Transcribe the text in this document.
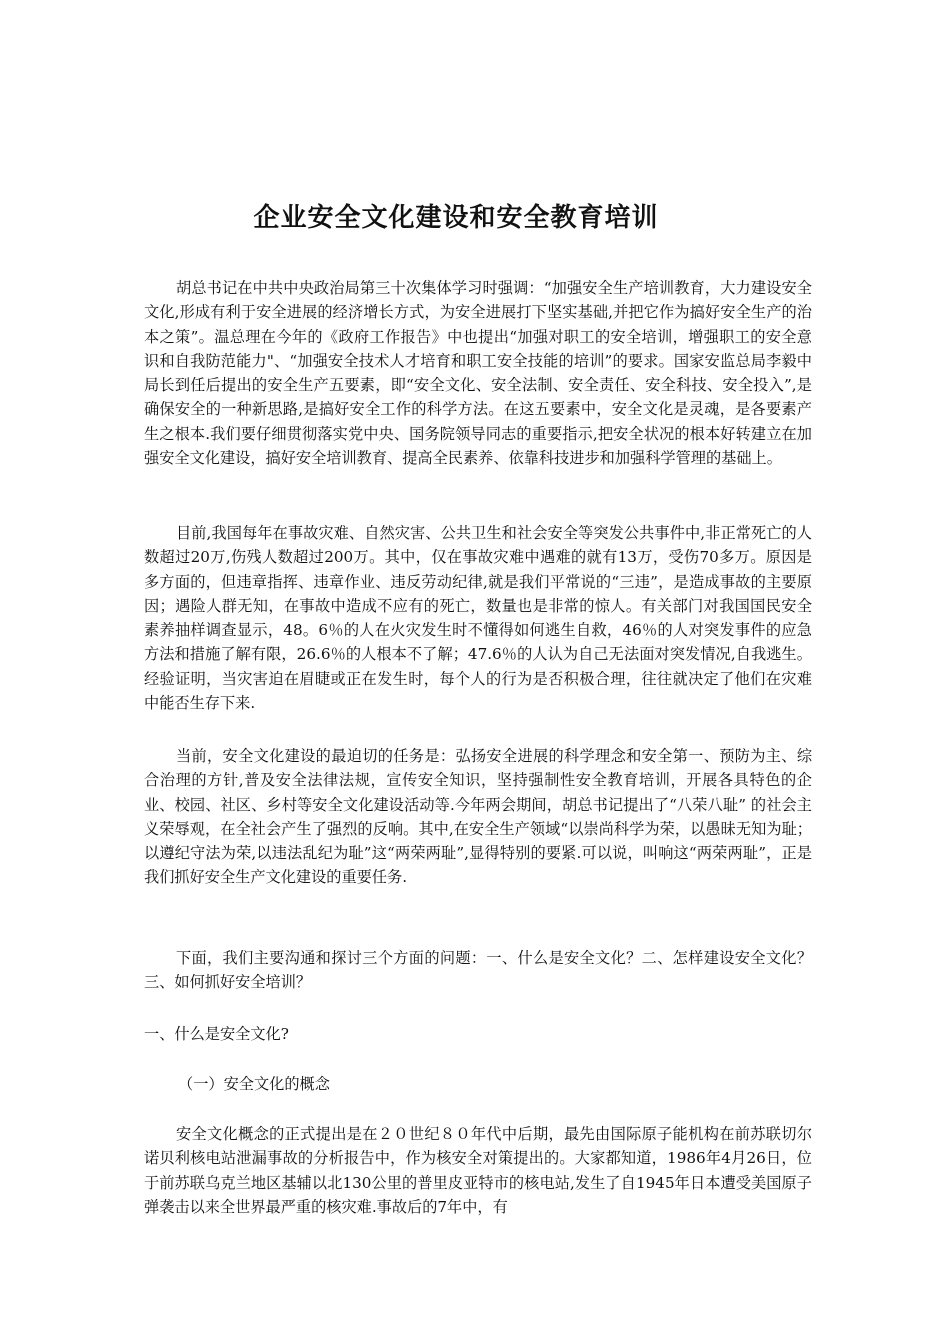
企业安全文化建设和安全教育培训

胡总书记在中共中央政治局第三十次集体学习时强调：“加强安全生产培训教育，大力建设安全文化,形成有利于安全进展的经济增长方式，为安全进展打下坚实基础,并把它作为搞好安全生产的治本之策”。温总理在今年的《政府工作报告》中也提出“加强对职工的安全培训，增强职工的安全意识和自我防范能力"、“加强安全技术人才培育和职工安全技能的培训”的要求。国家安监总局李毅中局长到任后提出的安全生产五要素，即“安全文化、安全法制、安全责任、安全科技、安全投入”,是确保安全的一种新思路,是搞好安全工作的科学方法。在这五要素中，安全文化是灵魂，是各要素产生之根本.我们要仔细贯彻落实党中央、国务院领导同志的重要指示,把安全状况的根本好转建立在加强安全文化建设，搞好安全培训教育、提高全民素养、依靠科技进步和加强科学管理的基础上。

目前,我国每年在事故灾难、自然灾害、公共卫生和社会安全等突发公共事件中,非正常死亡的人数超过20万,伤残人数超过200万。其中，仅在事故灾难中遇难的就有13万，受伤70多万。原因是多方面的，但违章指挥、违章作业、违反劳动纪律,就是我们平常说的“三违”，是造成事故的主要原因；遇险人群无知，在事故中造成不应有的死亡，数量也是非常的惊人。有关部门对我国国民安全素养抽样调查显示，48。6％的人在火灾发生时不懂得如何逃生自救，46％的人对突发事件的应急方法和措施了解有限，26.6％的人根本不了解；47.6％的人认为自己无法面对突发情况,自我逃生。经验证明，当灾害迫在眉睫或正在发生时，每个人的行为是否积极合理，往往就决定了他们在灾难中能否生存下来.

当前，安全文化建设的最迫切的任务是：弘扬安全进展的科学理念和安全第一、预防为主、综合治理的方针,普及安全法律法规，宣传安全知识，坚持强制性安全教育培训，开展各具特色的企业、校园、社区、乡村等安全文化建设活动等.今年两会期间，胡总书记提出了“八荣八耻” 的社会主义荣辱观，在全社会产生了强烈的反响。其中,在安全生产领域“以崇尚科学为荣，以愚昧无知为耻；以遵纪守法为荣,以违法乱纪为耻”这“两荣两耻”,显得特别的要紧.可以说，叫响这“两荣两耻”，正是我们抓好安全生产文化建设的重要任务.

下面，我们主要沟通和探讨三个方面的问题：一、什么是安全文化？二、怎样建设安全文化？三、如何抓好安全培训？

一、什么是安全文化?

（一）安全文化的概念

安全文化概念的正式提出是在２０世纪８０年代中后期，最先由国际原子能机构在前苏联切尔诺贝利核电站泄漏事故的分析报告中，作为核安全对策提出的。大家都知道，1986年4月26日，位于前苏联乌克兰地区基辅以北130公里的普里皮亚特市的核电站,发生了自1945年日本遭受美国原子弹袭击以来全世界最严重的核灾难.事故后的7年中，有
